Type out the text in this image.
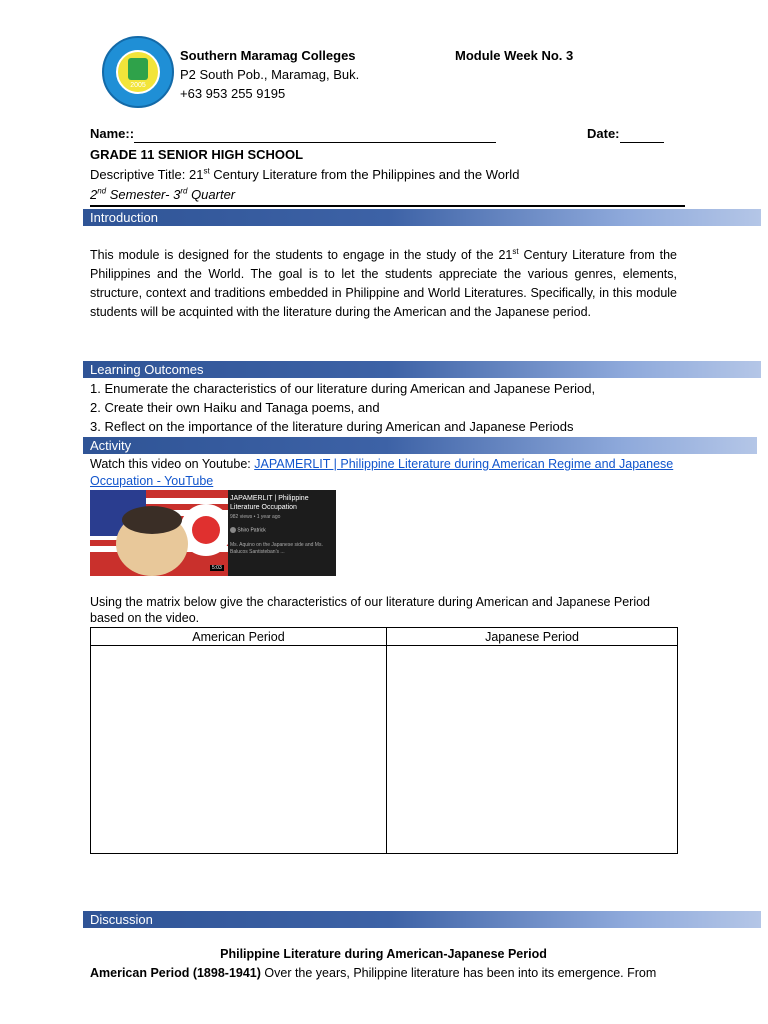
2005
Southern Maramag Colleges
P2 South Pob., Maramag, Buk.
+63 953 255 9195
Module Week No. 3
Name::	Date:
GRADE 11 SENIOR HIGH SCHOOL
Descriptive Title: 21st Century Literature from the Philippines and the World
2nd Semester- 3rd Quarter
Introduction

This module is designed for the students to engage in the study of the 21st Century Literature from the Philippines and the World. The goal is to let the students appreciate the various genres, elements, structure, context and traditions embedded in Philippine and World Literatures. Specifically, in this module students will be acquinted with the literature during the American and the Japanese period.

Learning Outcomes
1. Enumerate the characteristics of our literature during American and Japanese Period,
2. Create their own Haiku and Tanaga poems, and
3. Reflect on the importance of the literature during American and Japanese Periods
Activity
Watch this video on Youtube: JAPAMERLIT | Philippine Literature during American Regime and Japanese Occupation - YouTube
JAPAMERLIT | Philippine Literature Occupation
982 views • 1 year ago
Shiro Patrick
Ms. Aquino on the Japanese side and Ms. Balucos Santisteban's ...
5:03
Using the matrix below give the characteristics of our literature during American and Japanese Period based on the video.
American Period	Japanese Period

Discussion
Philippine Literature during American-Japanese Period
American Period (1898-1941) Over the years, Philippine literature has been into its emergence. From
